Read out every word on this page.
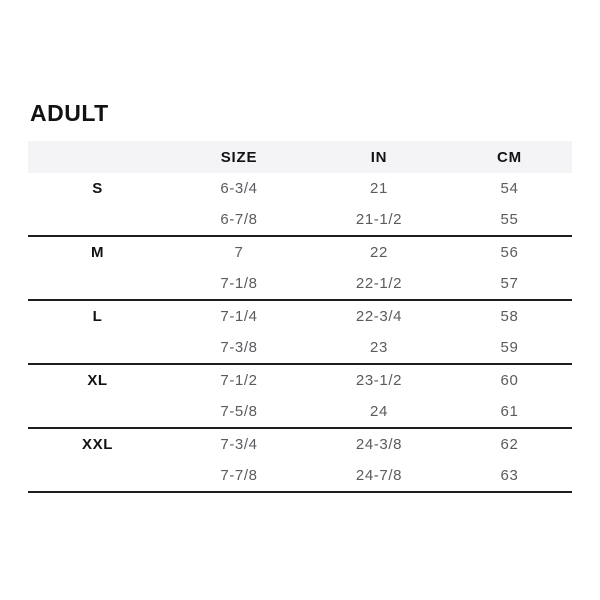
ADULT
	SIZE	IN	CM
S	6-3/4	21	54
	6-7/8	21-1/2	55
M	7	22	56
	7-1/8	22-1/2	57
L	7-1/4	22-3/4	58
	7-3/8	23	59
XL	7-1/2	23-1/2	60
	7-5/8	24	61
XXL	7-3/4	24-3/8	62
	7-7/8	24-7/8	63
